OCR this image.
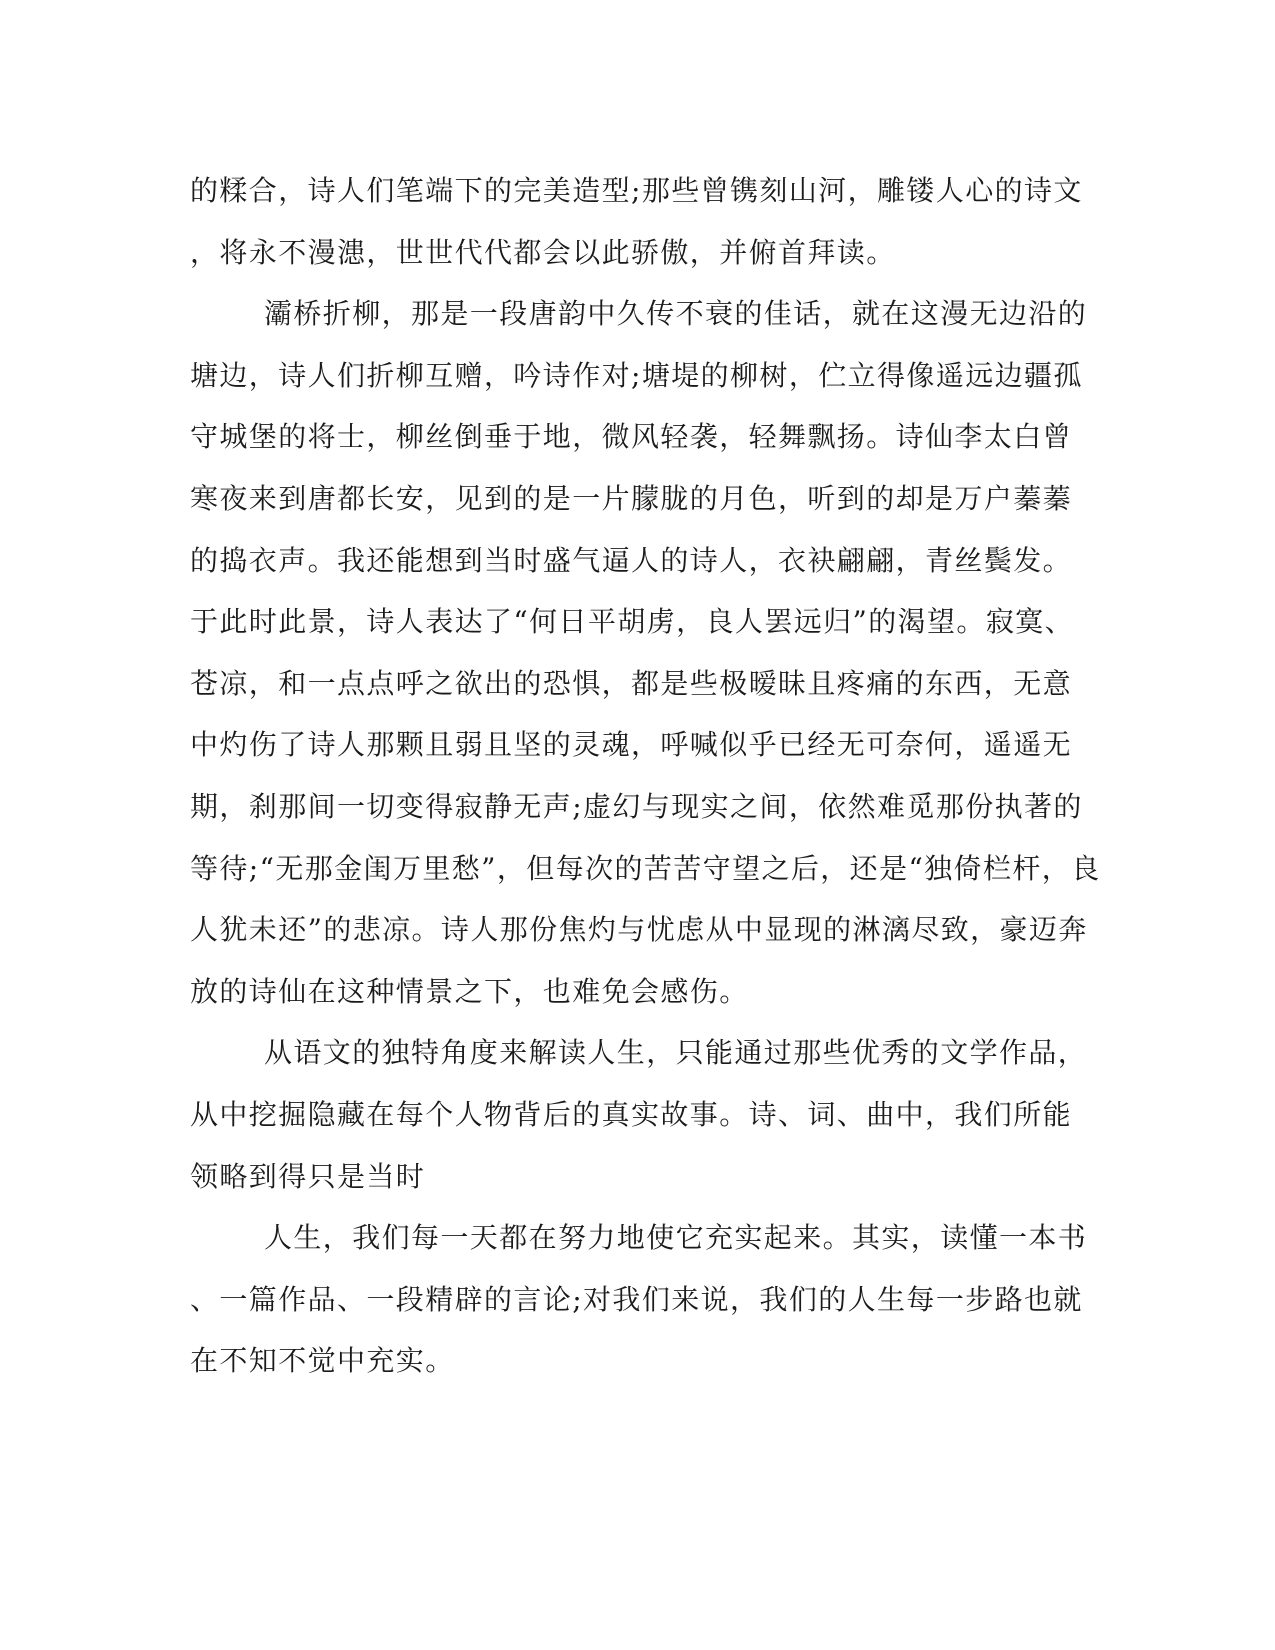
的糅合，诗人们笔端下的完美造型;那些曾镌刻山河，雕镂人心的诗文
，将永不漫漶，世世代代都会以此骄傲，并俯首拜读。
灞桥折柳，那是一段唐韵中久传不衰的佳话，就在这漫无边沿的
塘边，诗人们折柳互赠，吟诗作对;塘堤的柳树，伫立得像遥远边疆孤
守城堡的将士，柳丝倒垂于地，微风轻袭，轻舞飘扬。诗仙李太白曾
寒夜来到唐都长安，见到的是一片朦胧的月色，听到的却是万户蓁蓁
的捣衣声。我还能想到当时盛气逼人的诗人，衣袂翩翩，青丝鬓发。
于此时此景，诗人表达了“何日平胡虏，良人罢远归”的渴望。寂寞、
苍凉，和一点点呼之欲出的恐惧，都是些极暧昧且疼痛的东西，无意
中灼伤了诗人那颗且弱且坚的灵魂，呼喊似乎已经无可奈何，遥遥无
期，刹那间一切变得寂静无声;虚幻与现实之间，依然难觅那份执著的
等待;“无那金闺万里愁”，但每次的苦苦守望之后，还是“独倚栏杆，良
人犹未还”的悲凉。诗人那份焦灼与忧虑从中显现的淋漓尽致，豪迈奔
放的诗仙在这种情景之下，也难免会感伤。
从语文的独特角度来解读人生，只能通过那些优秀的文学作品，
从中挖掘隐藏在每个人物背后的真实故事。诗、词、曲中，我们所能
领略到得只是当时
人生，我们每一天都在努力地使它充实起来。其实，读懂一本书
、一篇作品、一段精辟的言论;对我们来说，我们的人生每一步路也就
在不知不觉中充实。
